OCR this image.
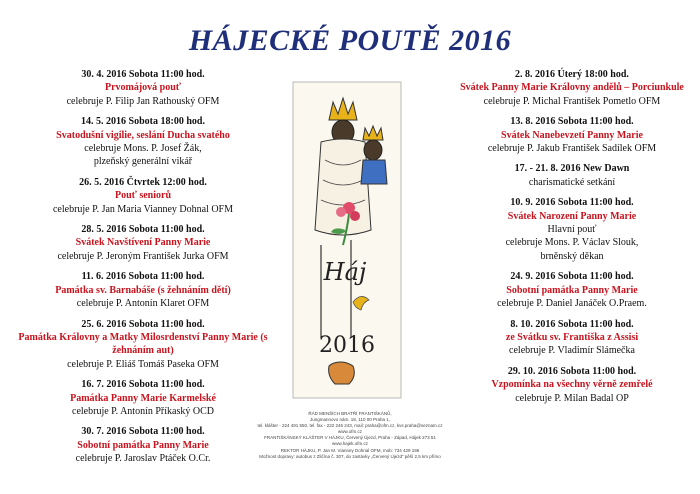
HÁJECKÉ POUTĚ 2016
30. 4. 2016 Sobota 11:00 hod.
Prvomájová pouť
celebruje P. Filip Jan Rathouský OFM
14. 5. 2016 Sobota 18:00 hod.
Svatodušní vigilie, seslání Ducha svatého
celebruje Mons. P. Josef Žák,
plzeňský generální vikář
26. 5. 2016 Čtvrtek 12:00 hod.
Pouť seniorů
celebruje P. Jan Maria Vianney Dohnal OFM
28. 5. 2016 Sobota 11:00 hod.
Svátek Navštívení Panny Marie
celebruje P. Jeroným František Jurka OFM
11. 6. 2016 Sobota 11:00 hod.
Památka sv. Barnabáše (s žehnáním dětí)
celebruje P. Antonín Klaret OFM
25. 6. 2016 Sobota 11:00 hod.
Památka Královny a Matky Milosrdenství Panny Marie (s žehnáním aut)
celebruje P. Eliáš Tomáš Paseka OFM
16. 7. 2016 Sobota 11:00 hod.
Památka Panny Marie Karmelské
celebruje P. Antonín Příkaský OCD
30. 7. 2016 Sobota 11:00 hod.
Sobotní památka Panny Marie
celebruje P. Jaroslav Ptáček O.Cr.
2. 8. 2016 Úterý 18:00 hod.
Svátek Panny Marie Královny andělů – Porciunkule
celebruje P. Michal František Pometlo OFM
13. 8. 2016 Sobota 11:00 hod.
Svátek Nanebevzetí Panny Marie
celebruje P. Jakub František Sadílek OFM
17. - 21. 8. 2016 New Dawn
charismatické setkání
10. 9. 2016 Sobota 11:00 hod.
Svátek Narození Panny Marie
Hlavní pouť
celebruje Mons. P. Václav Slouk,
brněnský děkan
24. 9. 2016 Sobota 11:00 hod.
Sobotní památka Panny Marie
celebruje P. Daniel Janáček O.Praem.
8. 10. 2016 Sobota 11:00 hod.
ze Svátku sv. Františka z Assisi
celebruje P. Vladimír Slámečka
29. 10. 2016 Sobota 11:00 hod.
Vzpomínka na všechny věrně zemřelé
celebruje P. Milan Badal OP
Háj
2016
ŘÁD MENŠÍCH BRATŘÍ FRANTIŠKÁNŮ,
Jungmannovo nám. 18, 110 00 Praha 1,
tel. klášter - 224 491 550, tel. fax - 222 246 243, mail: praha@ofm.cz, kvs.praha@seznam.cz
www.ofm.cz
FRANTIŠKÁNSKÝ KLÁŠTER V HÁJKU, Červený Újezd, Praha - Západ, Hájek 273 51
www.hajek.ofm.cz
REKTOR HÁJKU, P. Jan M. Vianney Dohnal OFM, mob: 734 429 196
Možnost dopravy: autobus z Zličína č. 307, do zastávky „Červený Újezd“ pěší 2,5 km přímo
